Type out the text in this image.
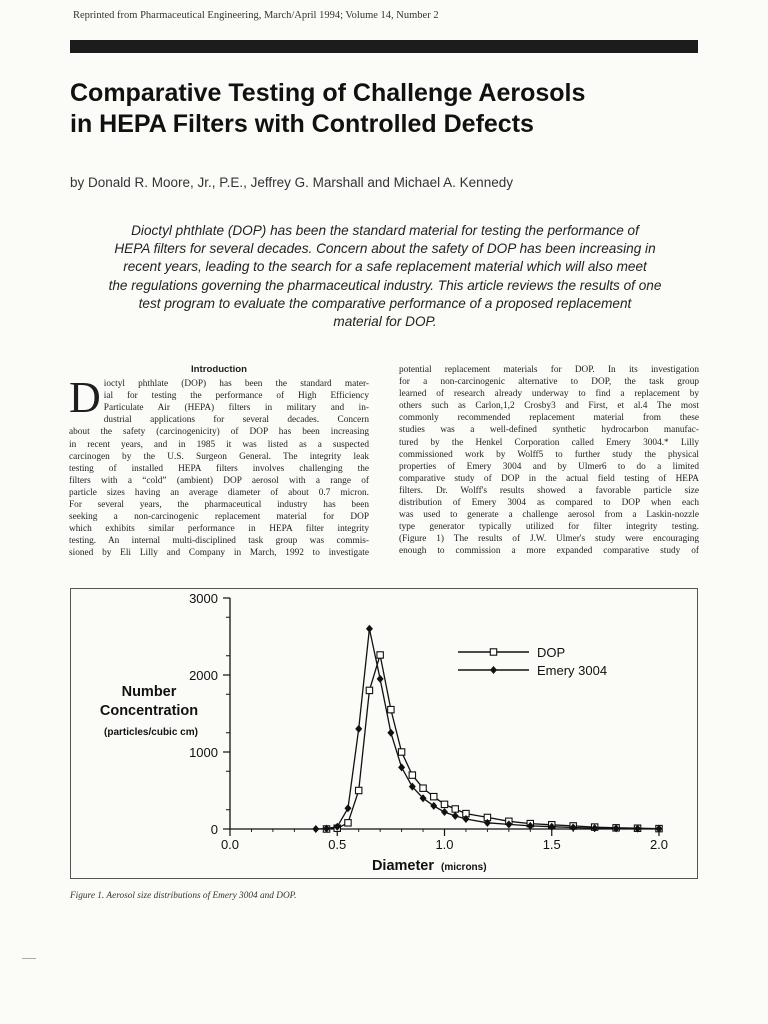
Reprinted from Pharmaceutical Engineering, March/April 1994; Volume 14, Number 2
Comparative Testing of Challenge Aerosols
in HEPA Filters with Controlled Defects
by Donald R. Moore, Jr., P.E., Jeffrey G. Marshall and Michael A. Kennedy

Dioctyl phthlate (DOP) has been the standard material for testing the performance of
HEPA filters for several decades. Concern about the safety of DOP has been increasing in
recent years, leading to the search for a safe replacement material which will also meet
the regulations governing the pharmaceutical industry. This article reviews the results of one
test program to evaluate the comparative performance of a proposed replacement
material for DOP.

Introduction
D ioctyl phthlate (DOP) has been the standard mater-

ial for testing the performance of High Efficiency

Particulate Air (HEPA) filters in military and in-

dustrial applications for several decades. Concern

about the safety (carcinogenicity) of DOP has been increasing

in recent years, and in 1985 it was listed as a suspected

carcinogen by the U.S. Surgeon General. The integrity leak

testing of installed HEPA filters involves challenging the

filters with a “cold” (ambient) DOP aerosol with a range of

particle sizes having an average diameter of about 0.7 micron.

For several years, the pharmaceutical industry has been

seeking a non-carcinogenic replacement material for DOP

which exhibits similar performance in HEPA filter integrity

testing. An internal multi-disciplined task group was commis-

sioned by Eli Lilly and Company in March, 1992 to investigate

potential replacement materials for DOP. In its investigation

for a non-carcinogenic alternative to DOP, the task group

learned of research already underway to find a replacement by

others such as Carlon,1,2 Crosby3 and First, et al.4 The most

commonly recommended replacement material from these

studies was a well-defined synthetic hydrocarbon manufac-

tured by the Henkel Corporation called Emery 3004.* Lilly

commissioned work by Wolff5 to further study the physical

properties of Emery 3004 and by Ulmer6 to do a limited

comparative study of DOP in the actual field testing of HEPA

filters. Dr. Wolff's results showed a favorable particle size

distribution of Emery 3004 as compared to DOP when each

was used to generate a challenge aerosol from a Laskin-nozzle

type generator typically utilized for filter integrity testing.

(Figure 1) The results of J.W. Ulmer's study were encouraging

enough to commission a more expanded comparative study of

0
1000
2000
3000
0.0	0.5	1.0	1.5	2.0
DOP
Emery 3004
Number
Concentration
(particles/cubic cm)
Diameter (microns)
Figure 1. Aerosol size distributions of Emery 3004 and DOP.
